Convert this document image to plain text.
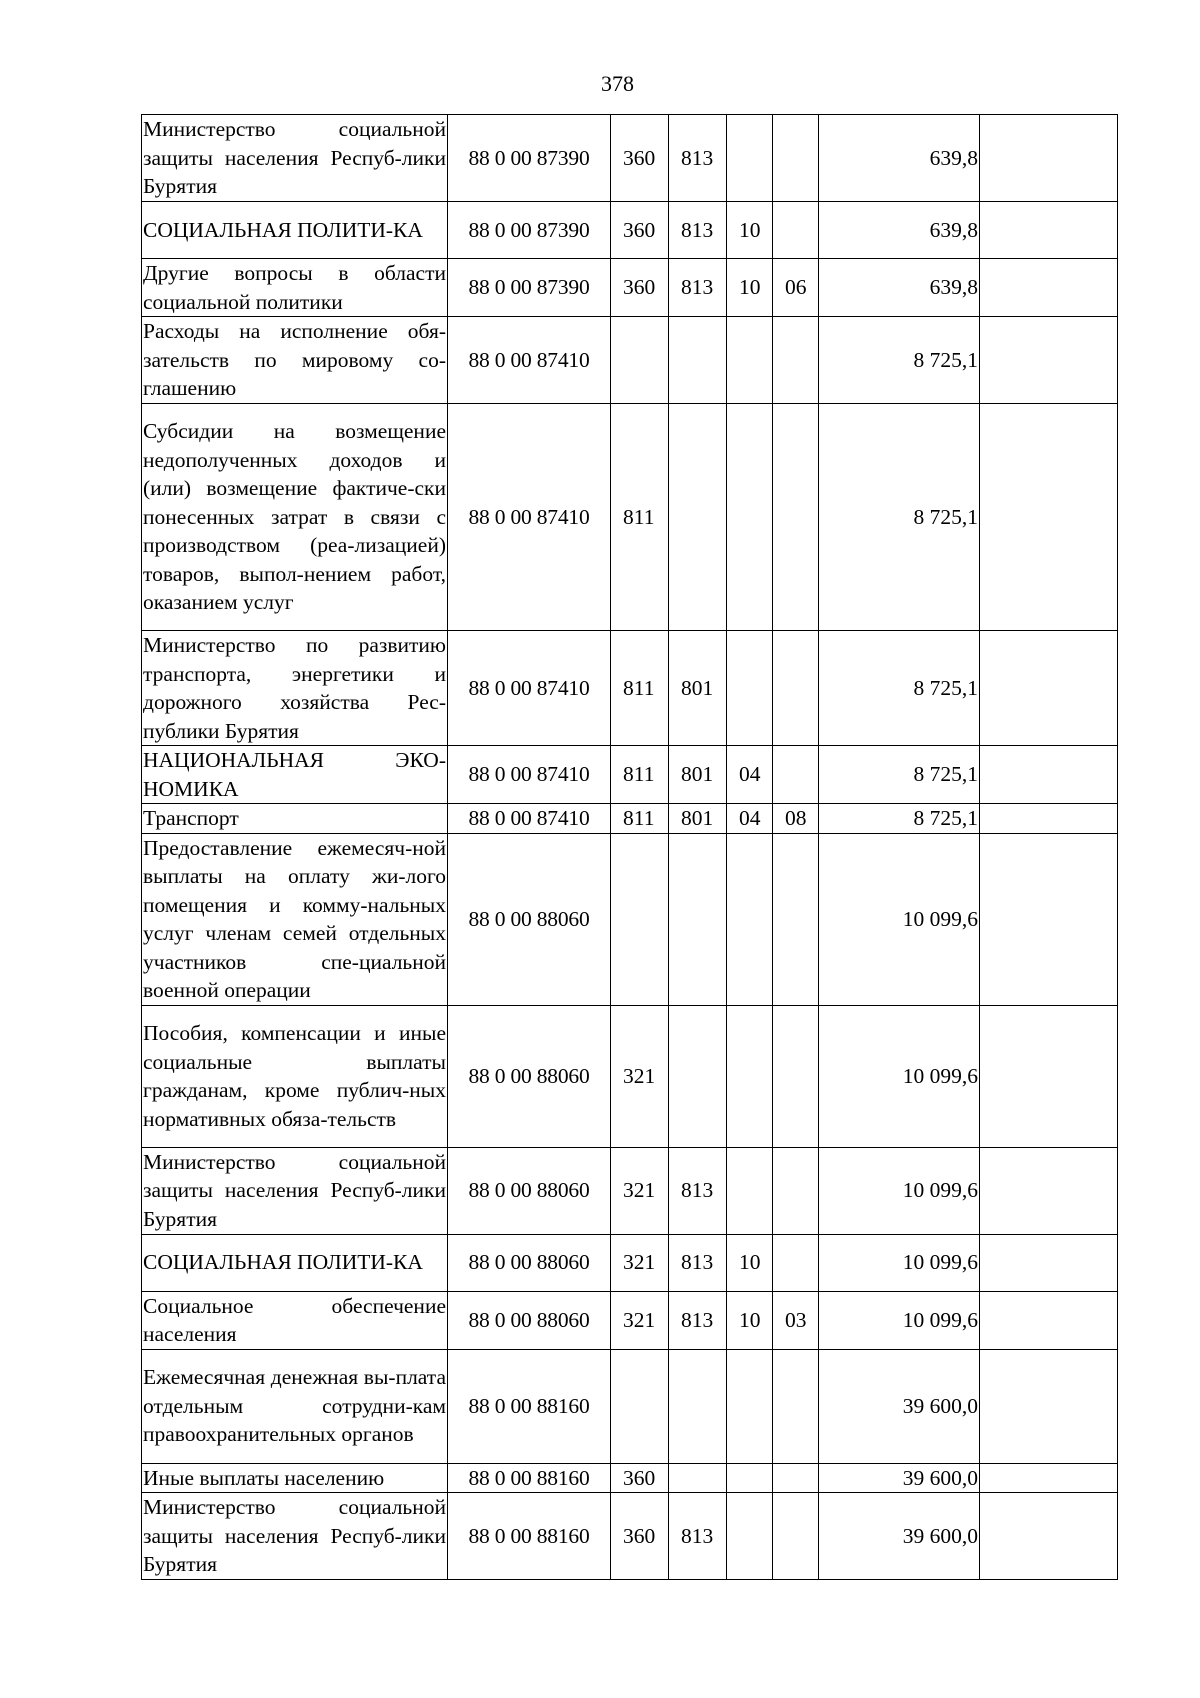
378
Министерство социальной защиты населения Респуб-лики Бурятия	88 0 00 87390	360	813			639,8	
СОЦИАЛЬНАЯ ПОЛИТИ-КА	88 0 00 87390	360	813	10		639,8	
Другие вопросы в области социальной политики	88 0 00 87390	360	813	10	06	639,8	
Расходы на исполнение обя-зательств по мировому со-глашению	88 0 00 87410					8 725,1	
Субсидии на возмещение недополученных доходов и (или) возмещение фактиче-ски понесенных затрат в связи с производством (реа-лизацией) товаров, выпол-нением работ, оказанием услуг	88 0 00 87410	811				8 725,1	
Министерство по развитию транспорта, энергетики и дорожного хозяйства Рес-публики Бурятия	88 0 00 87410	811	801			8 725,1	
НАЦИОНАЛЬНАЯ ЭКО-НОМИКА	88 0 00 87410	811	801	04		8 725,1	
Транспорт	88 0 00 87410	811	801	04	08	8 725,1	
Предоставление ежемесяч-ной выплаты на оплату жи-лого помещения и комму-нальных услуг членам семей отдельных участников спе-циальной военной операции	88 0 00 88060					10 099,6	
Пособия, компенсации и иные социальные выплаты гражданам, кроме публич-ных нормативных обяза-тельств	88 0 00 88060	321				10 099,6	
Министерство социальной защиты населения Респуб-лики Бурятия	88 0 00 88060	321	813			10 099,6	
СОЦИАЛЬНАЯ ПОЛИТИ-КА	88 0 00 88060	321	813	10		10 099,6	
Социальное обеспечение населения	88 0 00 88060	321	813	10	03	10 099,6	
Ежемесячная денежная вы-плата отдельным сотрудни-кам правоохранительных органов	88 0 00 88160					39 600,0	
Иные выплаты населению	88 0 00 88160	360				39 600,0	
Министерство социальной защиты населения Респуб-лики Бурятия	88 0 00 88160	360	813			39 600,0	
